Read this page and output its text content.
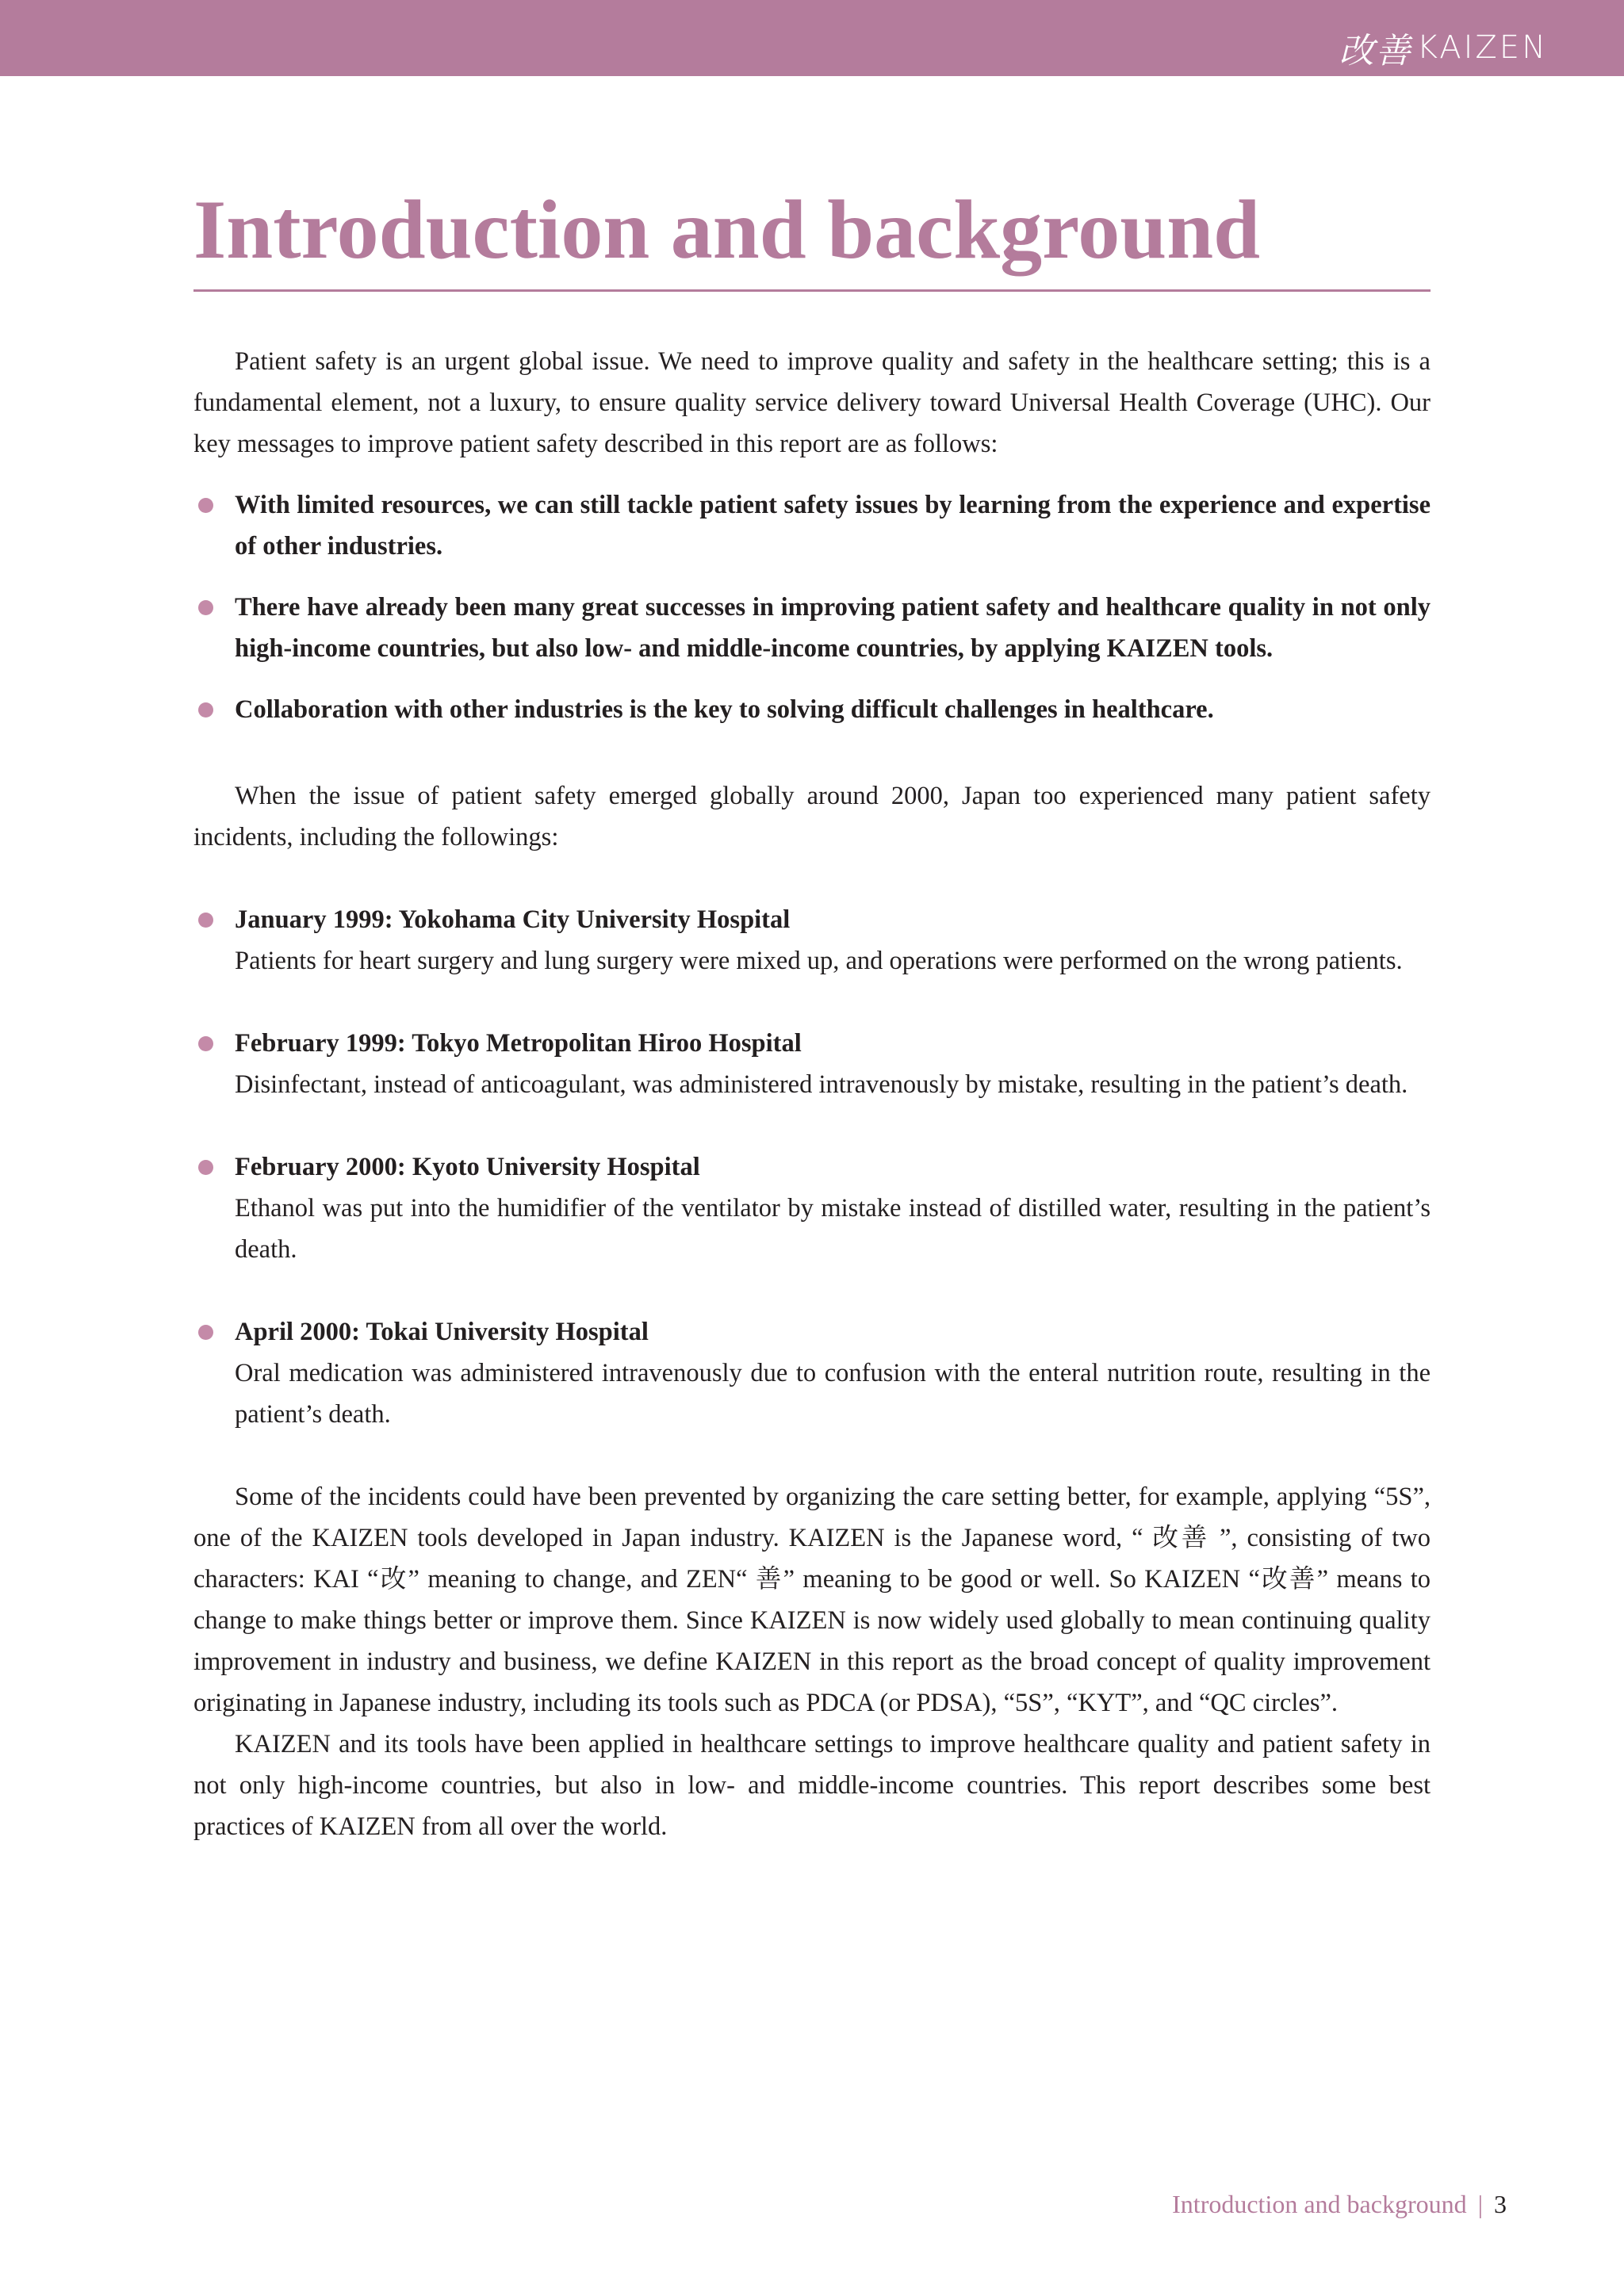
改善 KAIZEN
Introduction and background

Patient safety is an urgent global issue. We need to improve quality and safety in the healthcare setting; this is a fundamental element, not a luxury, to ensure quality service delivery toward Universal Health Coverage (UHC). Our key messages to improve patient safety described in this report are as follows:

With limited resources, we can still tackle patient safety issues by learning from the experience and expertise of other industries.
There have already been many great successes in improving patient safety and healthcare quality in not only high-income countries, but also low- and middle-income countries, by applying KAIZEN tools.
Collaboration with other industries is the key to solving difficult challenges in healthcare.

When the issue of patient safety emerged globally around 2000, Japan too experienced many patient safety incidents, including the followings:

January 1999: Yokohama City University Hospital
Patients for heart surgery and lung surgery were mixed up, and operations were performed on the wrong patients.
February 1999: Tokyo Metropolitan Hiroo Hospital
Disinfectant, instead of anticoagulant, was administered intravenously by mistake, resulting in the patient’s death.
February 2000: Kyoto University Hospital
Ethanol was put into the humidifier of the ventilator by mistake instead of distilled water, resulting in the patient’s death.
April 2000: Tokai University Hospital
Oral medication was administered intravenously due to confusion with the enteral nutrition route, resulting in the patient’s death.

Some of the incidents could have been prevented by organizing the care setting better, for example, applying “5S”, one of the KAIZEN tools developed in Japan industry. KAIZEN is the Japanese word, “ 改善 ”, consisting of two characters: KAI “改” meaning to change, and ZEN“ 善” meaning to be good or well. So KAIZEN “改善” means to change to make things better or improve them. Since KAIZEN is now widely used globally to mean continuing quality improvement in industry and business, we define KAIZEN in this report as the broad concept of quality improvement originating in Japanese industry, including its tools such as PDCA (or PDSA), “5S”, “KYT”, and “QC circles”.

KAIZEN and its tools have been applied in healthcare settings to improve healthcare quality and patient safety in not only high-income countries, but also in low- and middle-income countries. This report describes some best practices of KAIZEN from all over the world.

Introduction and background | 3
